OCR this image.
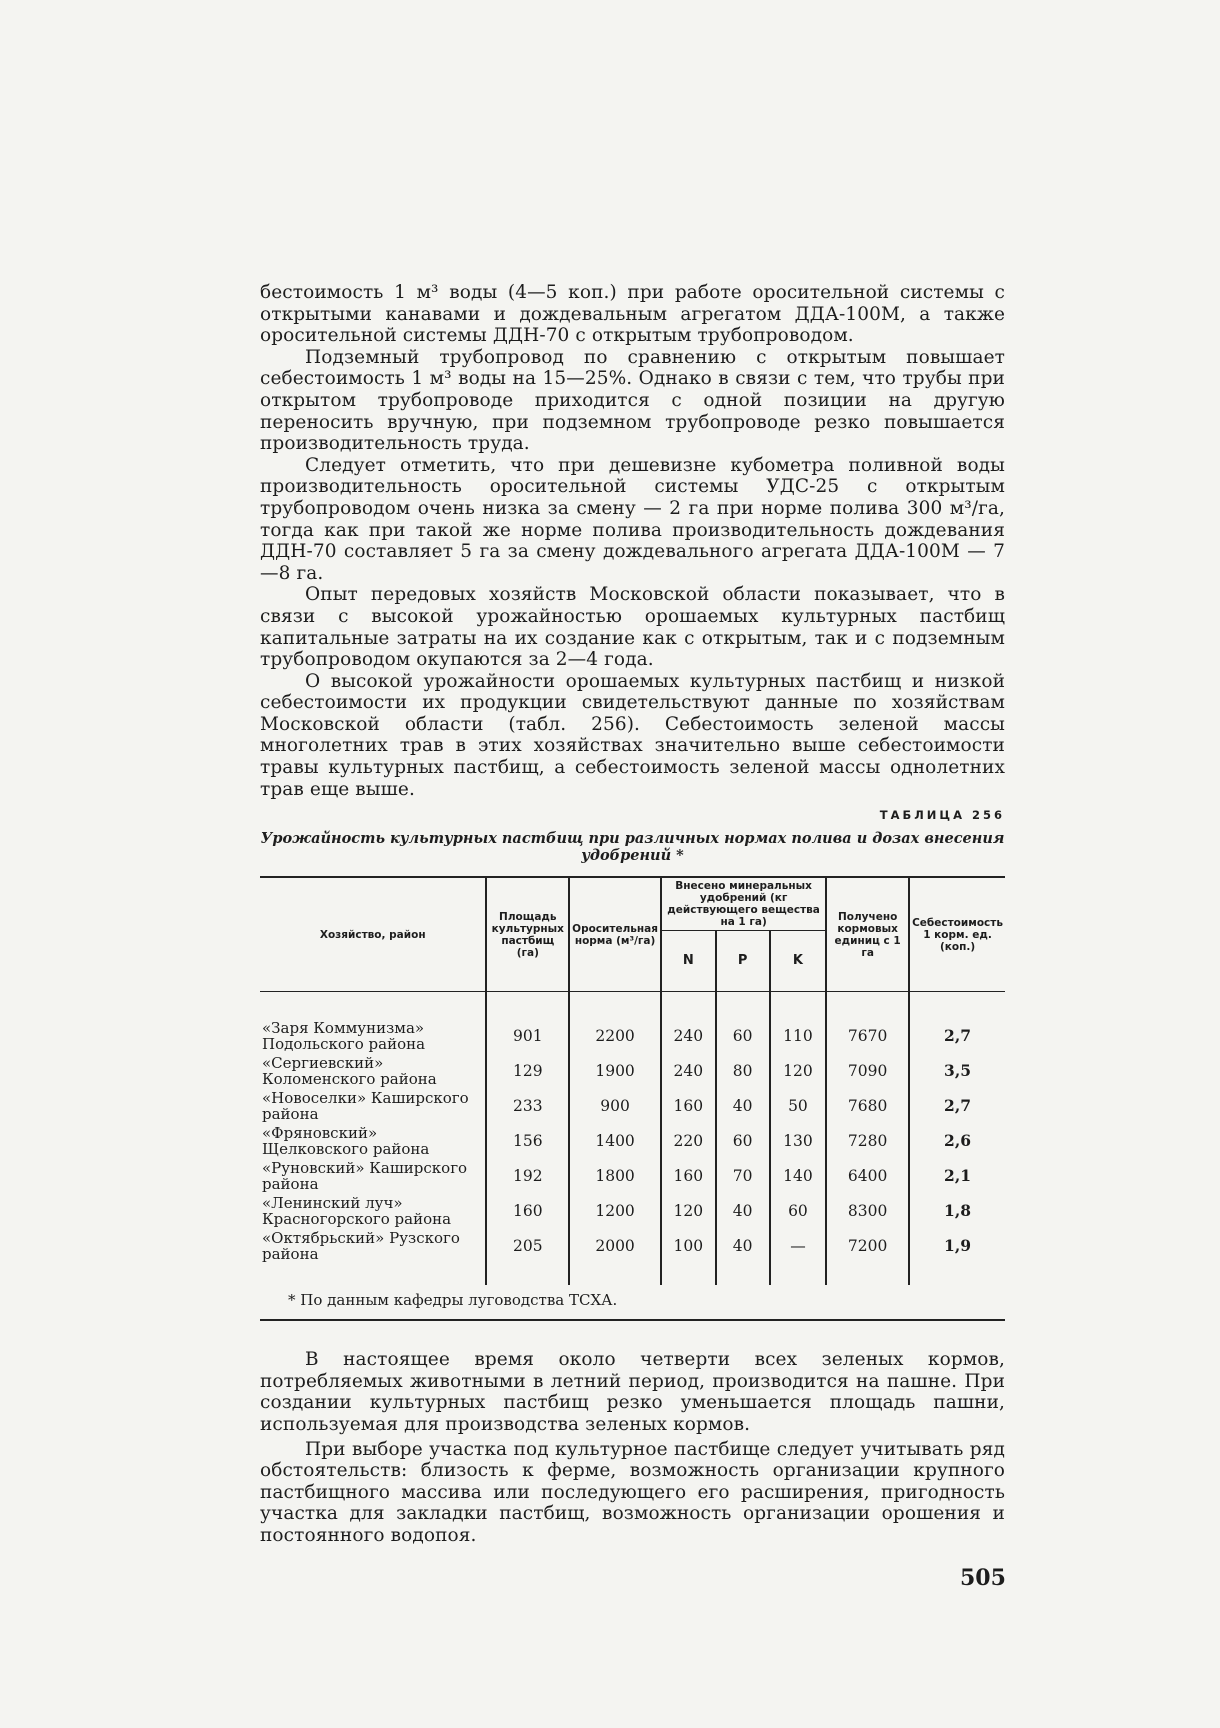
бестоимость 1 м³ воды (4—5 коп.) при работе оросительной системы с открытыми канавами и дождевальным агрегатом ДДА-100М, а также оросительной системы ДДН-70 с открытым трубопроводом.

Подземный трубопровод по сравнению с открытым повышает себестоимость 1 м³ воды на 15—25%. Однако в связи с тем, что трубы при открытом трубопроводе приходится с одной позиции на другую переносить вручную, при подземном трубопроводе резко повышается производительность труда.

Следует отметить, что при дешевизне кубометра поливной воды производительность оросительной системы УДС-25 с открытым трубопроводом очень низка за смену — 2 га при норме полива 300 м³/га, тогда как при такой же норме полива производительность дождевания ДДН-70 составляет 5 га за смену дождевального агрегата ДДА-100М — 7—8 га.

Опыт передовых хозяйств Московской области показывает, что в связи с высокой урожайностью орошаемых культурных пастбищ капитальные затраты на их создание как с открытым, так и с подземным трубопроводом окупаются за 2—4 года.

О высокой урожайности орошаемых культурных пастбищ и низкой себестоимости их продукции свидетельствуют данные по хозяйствам Московской области (табл. 256). Себестоимость зеленой массы многолетних трав в этих хозяйствах значительно выше себестоимости травы культурных пастбищ, а себестоимость зеленой массы однолетних трав еще выше.

ТАБЛИЦА 256
Урожайность культурных пастбищ при различных нормах полива и дозах внесения удобрений *
Хозяйство, район	Площадь культурных пастбищ (га)	Оросительная норма (м³/га)	Внесено минеральных удобрений (кг действующего вещества на 1 га)			Получено кормовых единиц с 1 га	Себестоимость 1 корм. ед. (коп.)
			N	P	K		

«Заря Коммунизма» Подольского района	901	2200	240	60	110	7670	2,7
«Сергиевский» Коломенского района	129	1900	240	80	120	7090	3,5
«Новоселки» Каширского района	233	900	160	40	50	7680	2,7
«Фряновский» Щелковского района	156	1400	220	60	130	7280	2,6
«Руновский» Каширского района	192	1800	160	70	140	6400	2,1
«Ленинский луч» Красногорского района	160	1200	120	40	60	8300	1,8
«Октябрьский» Рузского района	205	2000	100	40	—	7200	1,9

* По данным кафедры луговодства ТСХА.

В настоящее время около четверти всех зеленых кормов, потребляемых животными в летний период, производится на пашне. При создании культурных пастбищ резко уменьшается площадь пашни, используемая для производства зеленых кормов.

При выборе участка под культурное пастбище следует учитывать ряд обстоятельств: близость к ферме, возможность организации крупного пастбищного массива или последующего его расширения, пригодность участка для закладки пастбищ, возможность организации орошения и постоянного водопоя.

505
